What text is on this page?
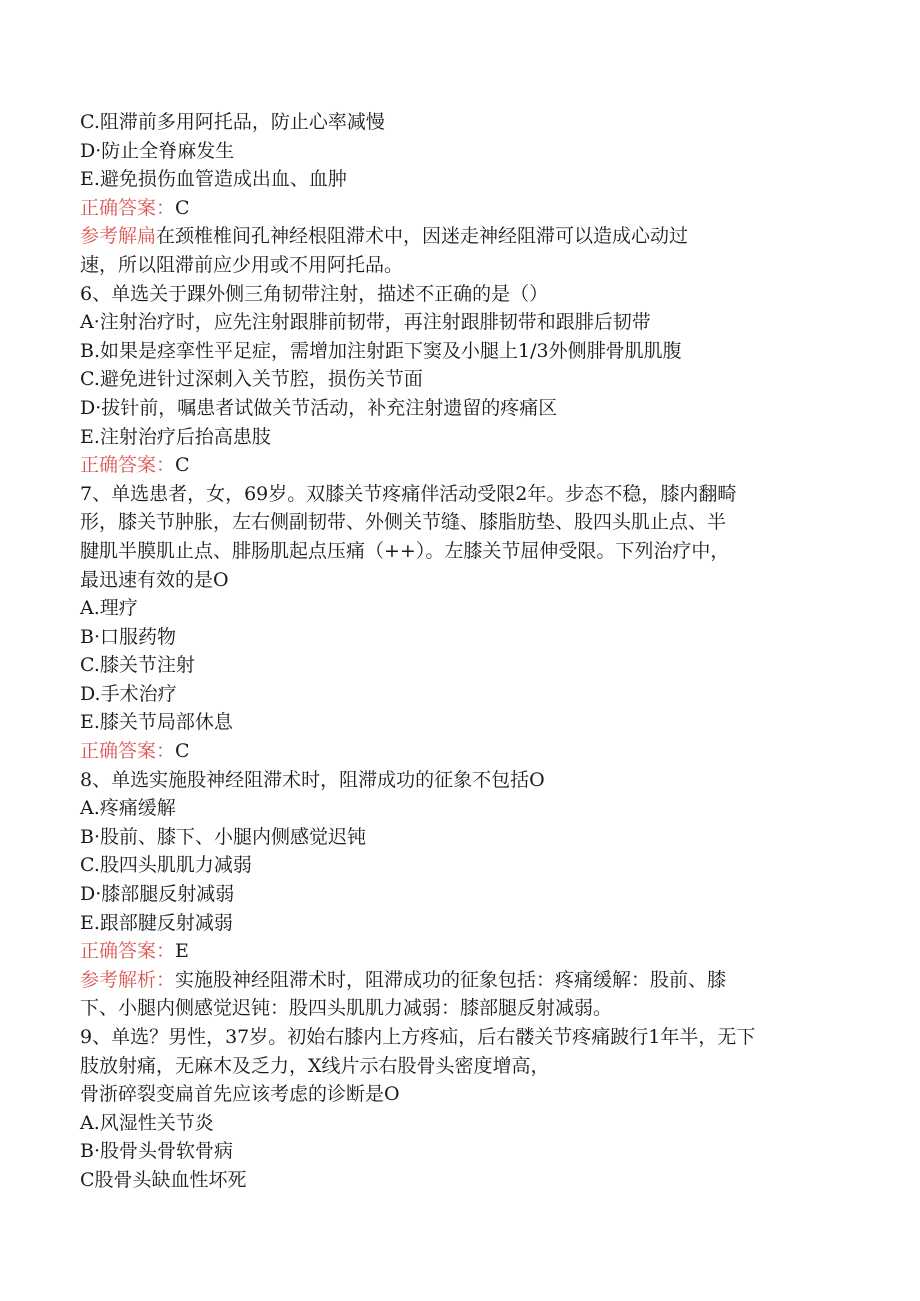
C.阻滞前多用阿托品，防止心率减慢

D·防止全脊麻发生

E.避免损伤血管造成出血、血肿

正确答案：C

参考解扁在颈椎椎间孔神经根阻滞术中，因迷走神经阻滞可以造成心动过

速，所以阻滞前应少用或不用阿托品。

6、单选关于踝外侧三角韧带注射，描述不正确的是（）

A·注射治疗时，应先注射跟腓前韧带，再注射跟腓韧带和跟腓后韧带

B.如果是痉挛性平足症，需增加注射距下窦及小腿上1/3外侧腓骨肌肌腹

C.避免进针过深刺入关节腔，损伤关节面

D·拔针前，嘱患者试做关节活动，补充注射遗留的疼痛区

E.注射治疗后抬高患肢

正确答案：C

7、单选患者，女，69岁。双膝关节疼痛伴活动受限2年。步态不稳，膝内翻畸

形，膝关节肿胀，左右侧副韧带、外侧关节缝、膝脂肪垫、股四头肌止点、半

腱肌半膜肌止点、腓肠肌起点压痛（++）。左膝关节屈伸受限。下列治疗中，

最迅速有效的是O

A.理疗

B·口服药物

C.膝关节注射

D.手术治疗

E.膝关节局部休息

正确答案：C

8、单选实施股神经阻滞术时，阻滞成功的征象不包括O

A.疼痛缓解

B·股前、膝下、小腿内侧感觉迟钝

C.股四头肌肌力减弱

D·膝部腿反射减弱

E.跟部腱反射减弱

正确答案：E

参考解析：实施股神经阻滞术时，阻滞成功的征象包括：疼痛缓解：股前、膝

下、小腿内侧感觉迟钝：股四头肌肌力减弱：膝部腿反射减弱。

9、单选？男性，37岁。初始右膝内上方疼疝，后右髅关节疼痛跛行1年半，无下

肢放射痛，无麻木及乏力，X线片示右股骨头密度增高，

骨浙碎裂变扁首先应该考虑的诊断是O

A.风湿性关节炎

B·股骨头骨软骨病

C股骨头缺血性坏死
